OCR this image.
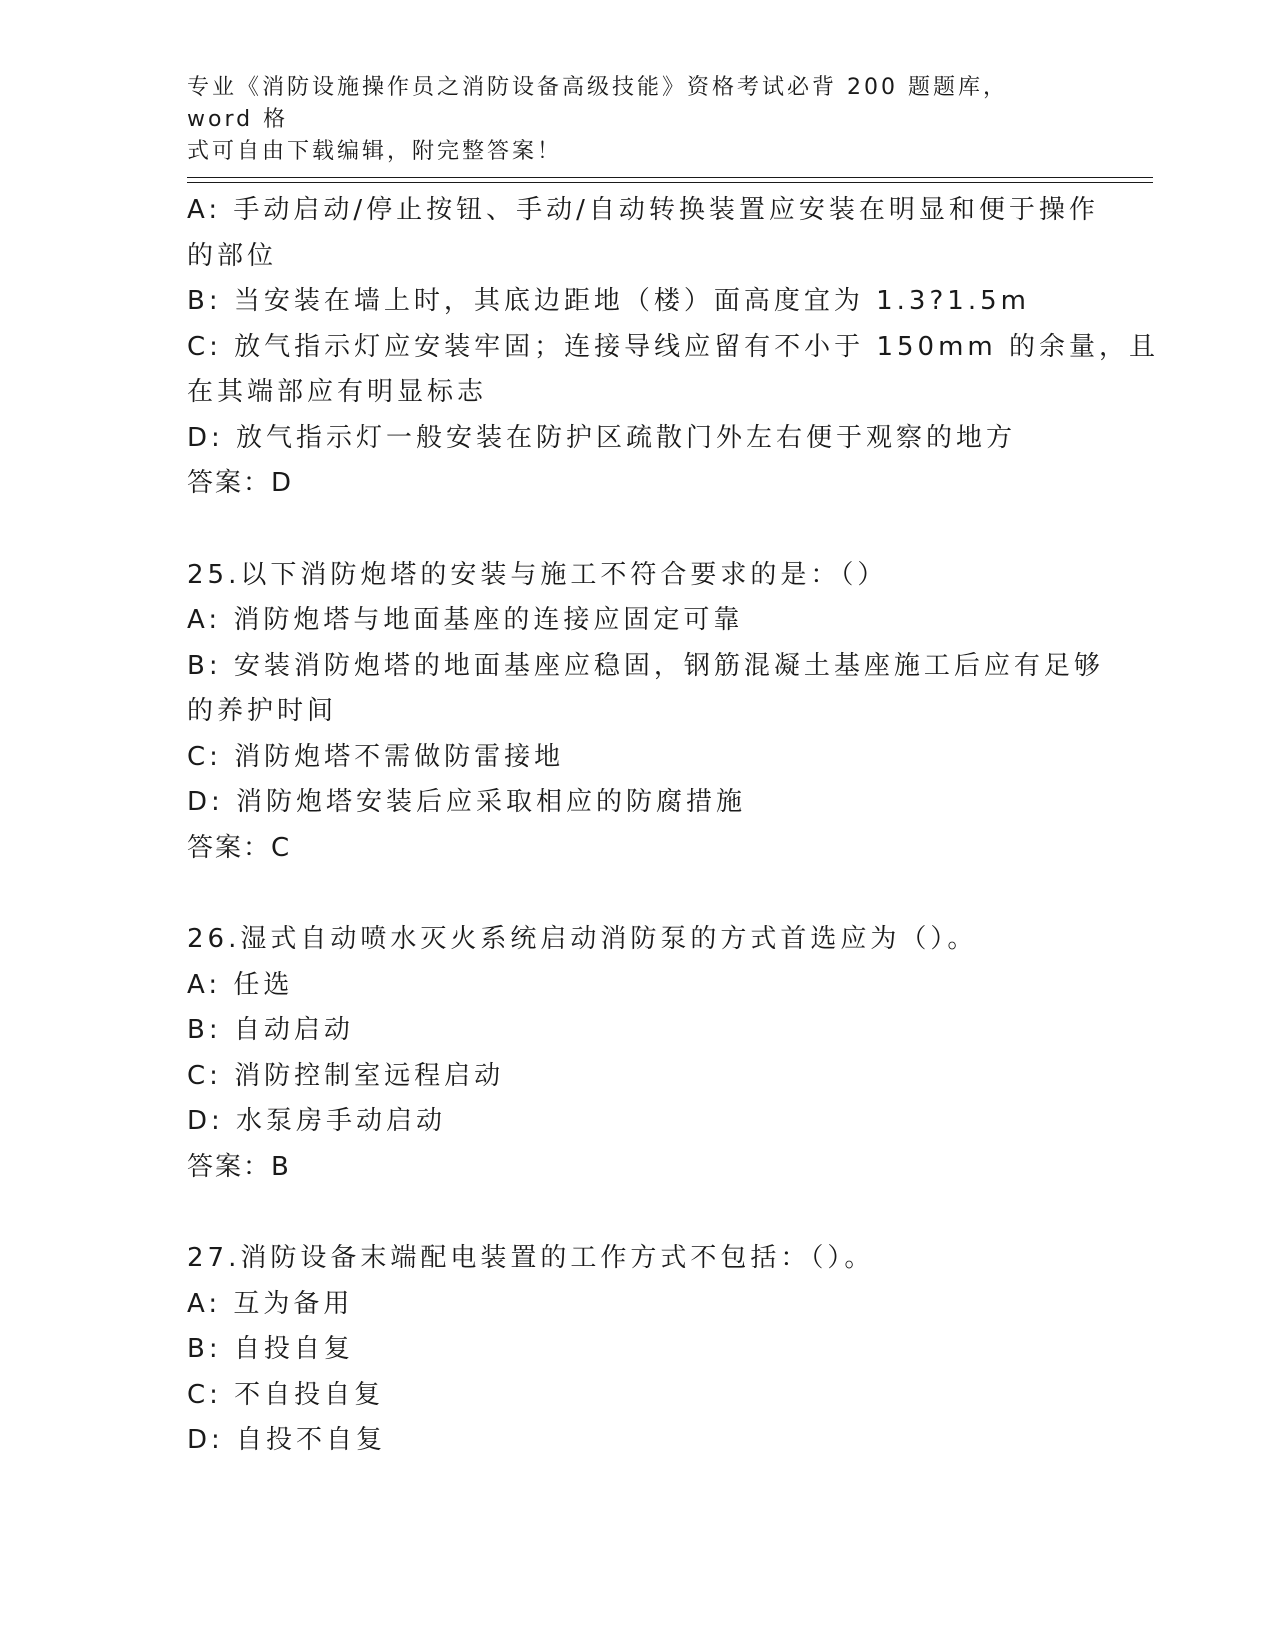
专业《消防设施操作员之消防设备高级技能》资格考试必背 200 题题库，word 格
式可自由下载编辑，附完整答案！
A: 手动启动/停止按钮、手动/自动转换装置应安装在明显和便于操作
的部位
B: 当安装在墙上时，其底边距地（楼）面高度宜为 1.3?1.5m
C: 放气指示灯应安装牢固；连接导线应留有不小于 150mm 的余量，且
在其端部应有明显标志
D: 放气指示灯一般安装在防护区疏散门外左右便于观察的地方
答案：D
25.以下消防炮塔的安装与施工不符合要求的是：（）
A: 消防炮塔与地面基座的连接应固定可靠
B: 安装消防炮塔的地面基座应稳固，钢筋混凝土基座施工后应有足够
的养护时间
C: 消防炮塔不需做防雷接地
D: 消防炮塔安装后应采取相应的防腐措施
答案：C
26.湿式自动喷水灭火系统启动消防泵的方式首选应为（）。
A: 任选
B: 自动启动
C: 消防控制室远程启动
D: 水泵房手动启动
答案：B
27.消防设备末端配电装置的工作方式不包括：（）。
A: 互为备用
B: 自投自复
C: 不自投自复
D: 自投不自复
